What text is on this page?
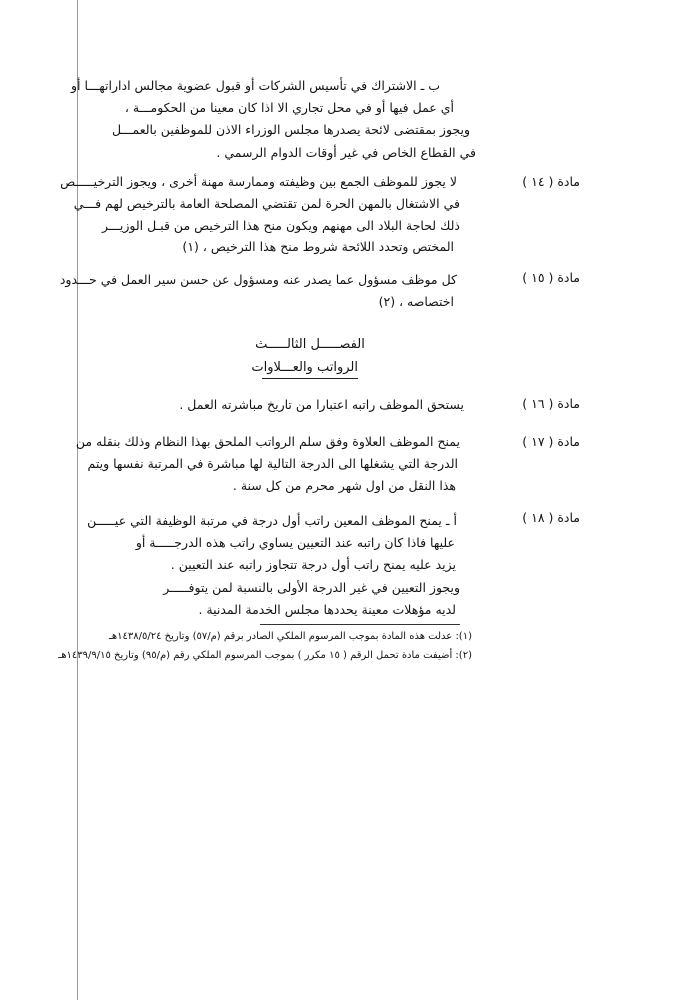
ب ـ الاشتراك في تأسيس الشركات أو قبول عضوية مجالس اداراتهـــا أو
أي عمل فيها أو في محل تجاري الا اذا كان معينا من الحكومـــة ،
ويجوز بمقتضى لائحة يصدرها مجلس الوزراء الاذن للموظفين بالعمـــل
في القطاع الخاص في غير أوقات الدوام الرسمي .
مادة ( ١٤ )
لا يجوز للموظف الجمع بين وظيفته وممارسة مهنة أخرى ، ويجوز الترخيـــــص
في الاشتغال بالمهن الحرة لمن تقتضي المصلحة العامة بالترخيص لهم فـــي
ذلك لحاجة البلاد الى مهنهم ويكون منح هذا الترخيص من قبـل الوزيـــر
المختص وتحدد اللائحة شروط منح هذا الترخيص ، (١)
مادة ( ١٥ )
كل موظف مسؤول عما يصدر عنه ومسؤول عن حسن سير العمل في حـــدود
اختصاصه ، (٢)
الفصـــــل الثالـــــث
الرواتب والعـــلاوات
مادة ( ١٦ )
يستحق الموظف راتبه اعتبارا من تاريخ مباشرته العمل .
مادة ( ١٧ )
يمنح الموظف العلاوة وفق سلم الرواتب الملحق بهذا النظام وذلك بنقله من
الدرجة التي يشغلها الى الدرجة التالية لها مباشرة في المرتبة نفسها ويتم
هذا النقل من اول شهر محرم من كل سنة .
مادة ( ١٨ )
أ ـ يمنح الموظف المعين راتب أول درجة في مرتبة الوظيفة التي عيـــــن
عليها فاذا كان راتبه عند التعيين يساوي راتب هذه الدرجـــــة أو
يزيد عليه يمنح راتب أول درجة تتجاوز راتبه عند التعيين .
ويجوز التعيين في غير الدرجة الأولى بالنسبة لمن يتوفـــــر
لديه مؤهلات معينة يحددها مجلس الخدمة المدنية .
(١): عدلت هذه المادة بموجب المرسوم الملكي الصادر برقم (م/٥٧) وتاريخ ١٤٣٨/٥/٢٤هـ
(٢): أضيفت مادة تحمل الرقم ( ١٥ مكرر ) بموجب المرسوم الملكي رقم (م/٩٥) وتاريخ ١٤٣٩/٩/١٥هـ
